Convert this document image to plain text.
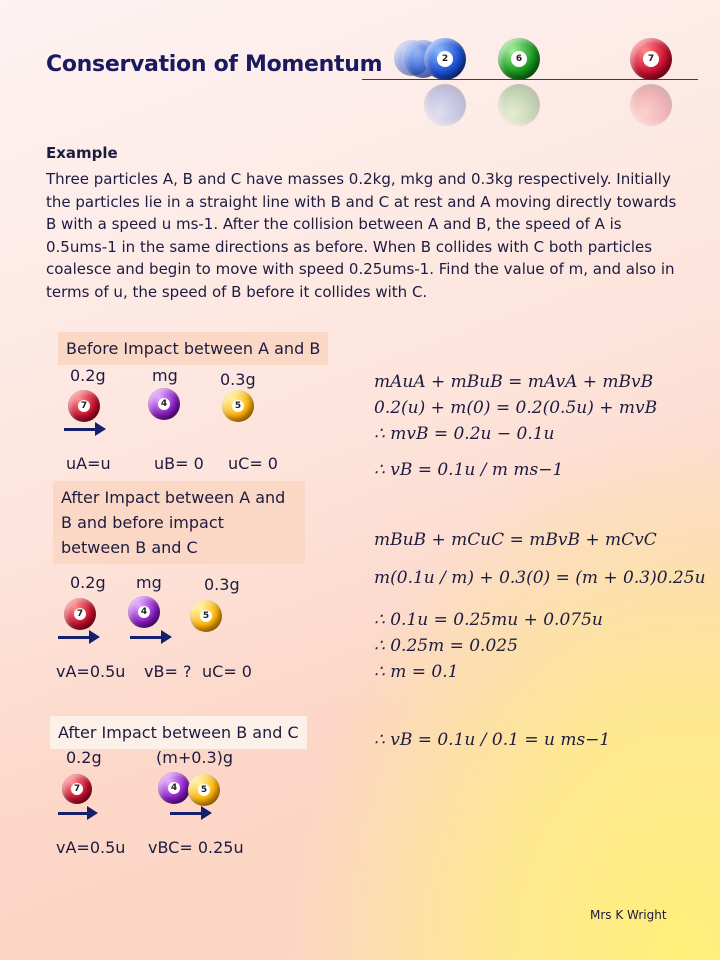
Conservation of Momentum	2	6	7
Example
Three particles A, B and C have masses 0.2kg, mkg and 0.3kg respectively. Initially the particles lie in a straight line with B and C at rest and A moving directly towards B with a speed u ms-1. After the collision between A and B, the speed of A is 0.5ums-1 in the same directions as before. When B collides with C both particles coalesce and begin to move with speed 0.25ums-1. Find the value of m, and also in terms of u, the speed of B before it collides with C.
Before Impact between A and B
0.2g	mg	0.3g
7	4	5
uA=u	uB= 0 uC= 0
After Impact between A and B and before impact between B and C
0.2g mg	0.3g
7	4	5
vA=0.5u vB= ? uC= 0
After Impact between B and C
0.2g	(m+0.3)g
7	4	5
vA=0.5u vBC= 0.25u
mAuA + mBuB = mAvA + mBvB
0.2(u) + m(0) = 0.2(0.5u) + mvB
∴ mvB = 0.2u − 0.1u
∴ vB = 0.1u / m ms−1
mBuB + mCuC = mBvB + mCvC
m(0.1u / m) + 0.3(0) = (m + 0.3)0.25u
∴ 0.1u = 0.25mu + 0.075u
∴ 0.25m = 0.025
∴ m = 0.1
∴ vB = 0.1u / 0.1 = u ms−1
Mrs K Wright
